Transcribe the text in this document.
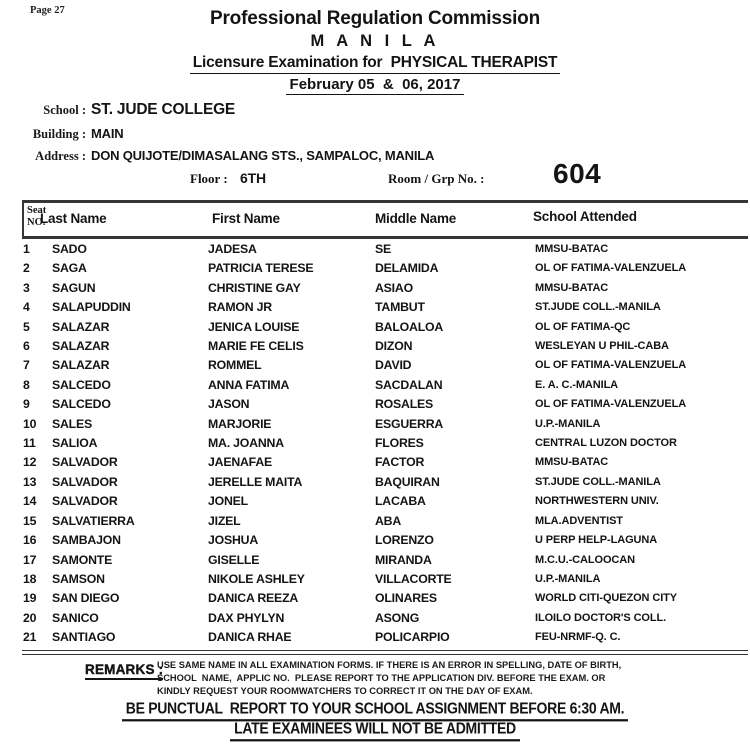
Page 27	Professional Regulation Commission
M A N I L A
Licensure Examination for  PHYSICAL THERAPIST
February 05  &  06, 2017
School : ST. JUDE COLLEGE
Building : MAIN
Address : DON QUIJOTE/DIMASALANG STS., SAMPALOC, MANILA
Floor : 6TH	Room / Grp No. : 604
Seat
NO.
Last Name	First Name	Middle Name	School Attended
1	SADO	JADESA	SE	MMSU-BATAC
2	SAGA	PATRICIA TERESE	DELAMIDA	OL OF FATIMA-VALENZUELA
3	SAGUN	CHRISTINE GAY	ASIAO	MMSU-BATAC
4	SALAPUDDIN	RAMON JR	TAMBUT	ST.JUDE COLL.-MANILA
5	SALAZAR	JENICA LOUISE	BALOALOA	OL OF FATIMA-QC
6	SALAZAR	MARIE FE CELIS	DIZON	WESLEYAN U PHIL-CABA
7	SALAZAR	ROMMEL	DAVID	OL OF FATIMA-VALENZUELA
8	SALCEDO	ANNA FATIMA	SACDALAN	E. A. C.-MANILA
9	SALCEDO	JASON	ROSALES	OL OF FATIMA-VALENZUELA
10	SALES	MARJORIE	ESGUERRA	U.P.-MANILA
11	SALIOA	MA. JOANNA	FLORES	CENTRAL LUZON DOCTOR
12	SALVADOR	JAENAFAE	FACTOR	MMSU-BATAC
13	SALVADOR	JERELLE MAITA	BAQUIRAN	ST.JUDE COLL.-MANILA
14	SALVADOR	JONEL	LACABA	NORTHWESTERN UNIV.
15	SALVATIERRA	JIZEL	ABA	MLA.ADVENTIST
16	SAMBAJON	JOSHUA	LORENZO	U PERP HELP-LAGUNA
17	SAMONTE	GISELLE	MIRANDA	M.C.U.-CALOOCAN
18	SAMSON	NIKOLE ASHLEY	VILLACORTE	U.P.-MANILA
19	SAN DIEGO	DANICA REEZA	OLINARES	WORLD CITI-QUEZON CITY
20	SANICO	DAX PHYLYN	ASONG	ILOILO DOCTOR'S COLL.
21	SANTIAGO	DANICA RHAE	POLICARPIO	FEU-NRMF-Q. C.
REMARKS :
USE SAME NAME IN ALL EXAMINATION FORMS. IF THERE IS AN ERROR IN SPELLING, DATE OF BIRTH,
SCHOOL  NAME,  APPLIC NO.  PLEASE REPORT TO THE APPLICATION DIV. BEFORE THE EXAM. OR
KINDLY REQUEST YOUR ROOMWATCHERS TO CORRECT IT ON THE DAY OF EXAM.
BE PUNCTUAL  REPORT TO YOUR SCHOOL ASSIGNMENT BEFORE 6:30 AM.
LATE EXAMINEES WILL NOT BE ADMITTED
